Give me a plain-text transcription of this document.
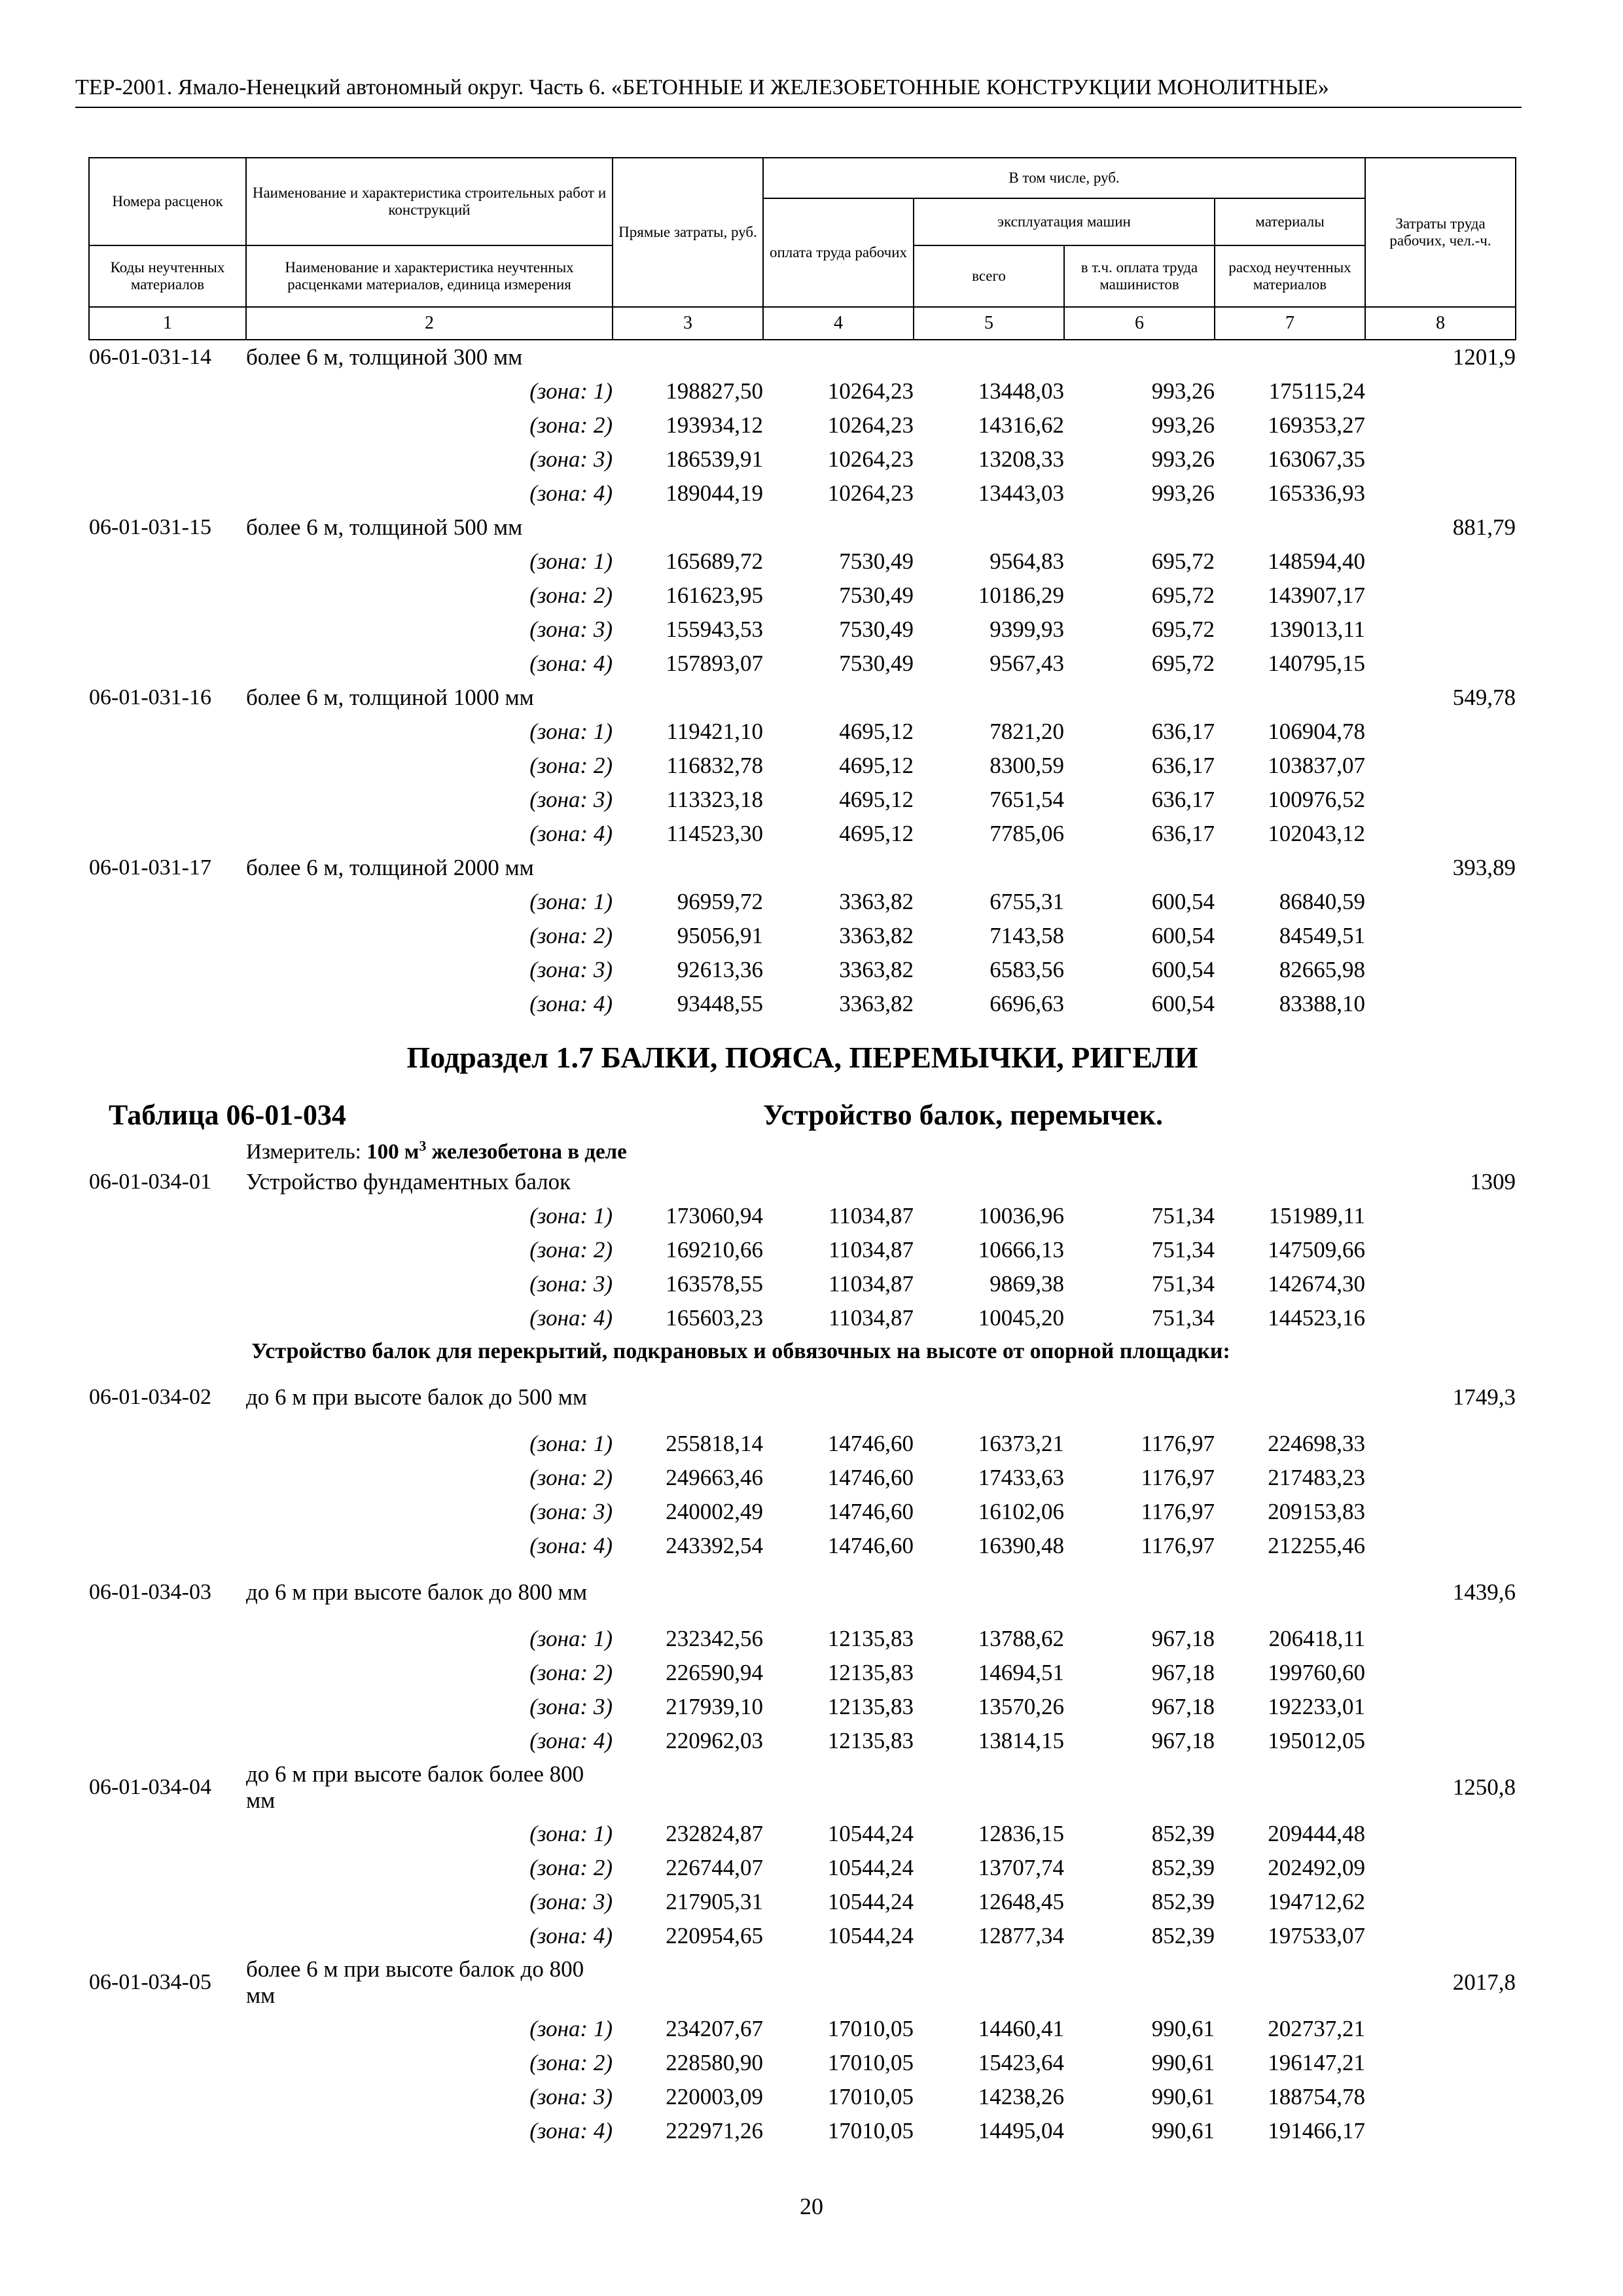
ТЕР-2001. Ямало-Ненецкий автономный округ. Часть 6. «БЕТОННЫЕ И ЖЕЛЕЗОБЕТОННЫЕ КОНСТРУКЦИИ МОНОЛИТНЫЕ»
Номера расценок	Наименование и характеристика строительных работ и конструкций	Прямые затраты, руб.	В том числе, руб.				Затраты труда рабочих, чел.-ч.
			оплата труда рабочих	эксплуатация машин		материалы	
Коды неучтенных материалов	Наименование и характеристика неучтенных расценками материалов, единица измерения			всего	в т.ч. оплата труда машинистов	расход неучтенных материалов	
1	2	3	4	5	6	7	8
06-01-031-14	более 6 м, толщиной 300 мм						1201,9
	(зона: 1)	198827,50	10264,23	13448,03	993,26	175115,24	
	(зона: 2)	193934,12	10264,23	14316,62	993,26	169353,27	
	(зона: 3)	186539,91	10264,23	13208,33	993,26	163067,35	
	(зона: 4)	189044,19	10264,23	13443,03	993,26	165336,93	
06-01-031-15	более 6 м, толщиной 500 мм						881,79
	(зона: 1)	165689,72	7530,49	9564,83	695,72	148594,40	
	(зона: 2)	161623,95	7530,49	10186,29	695,72	143907,17	
	(зона: 3)	155943,53	7530,49	9399,93	695,72	139013,11	
	(зона: 4)	157893,07	7530,49	9567,43	695,72	140795,15	
06-01-031-16	более 6 м, толщиной 1000 мм						549,78
	(зона: 1)	119421,10	4695,12	7821,20	636,17	106904,78	
	(зона: 2)	116832,78	4695,12	8300,59	636,17	103837,07	
	(зона: 3)	113323,18	4695,12	7651,54	636,17	100976,52	
	(зона: 4)	114523,30	4695,12	7785,06	636,17	102043,12	
06-01-031-17	более 6 м, толщиной 2000 мм						393,89
	(зона: 1)	96959,72	3363,82	6755,31	600,54	86840,59	
	(зона: 2)	95056,91	3363,82	7143,58	600,54	84549,51	
	(зона: 3)	92613,36	3363,82	6583,56	600,54	82665,98	
	(зона: 4)	93448,55	3363,82	6696,63	600,54	83388,10	
Подраздел 1.7 БАЛКИ, ПОЯСА, ПЕРЕМЫЧКИ, РИГЕЛИ							
Таблица 06-01-034			Устройство балок, перемычек.				
	Измеритель: 100 $м^3$ железобетона в деле						
06-01-034-01	Устройство фундаментных балок						1309
	(зона: 1)	173060,94	11034,87	10036,96	751,34	151989,11	
	(зона: 2)	169210,66	11034,87	10666,13	751,34	147509,66	
	(зона: 3)	163578,55	11034,87	9869,38	751,34	142674,30	
	(зона: 4)	165603,23	11034,87	10045,20	751,34	144523,16	
	Устройство балок для перекрытий, подкрановых и обвязочных на высоте от опорной площадки:						
06-01-034-02	до 6 м при высоте балок до 500 мм						1749,3
	(зона: 1)	255818,14	14746,60	16373,21	1176,97	224698,33	
	(зона: 2)	249663,46	14746,60	17433,63	1176,97	217483,23	
	(зона: 3)	240002,49	14746,60	16102,06	1176,97	209153,83	
	(зона: 4)	243392,54	14746,60	16390,48	1176,97	212255,46	
06-01-034-03	до 6 м при высоте балок до 800 мм						1439,6
	(зона: 1)	232342,56	12135,83	13788,62	967,18	206418,11	
	(зона: 2)	226590,94	12135,83	14694,51	967,18	199760,60	
	(зона: 3)	217939,10	12135,83	13570,26	967,18	192233,01	
	(зона: 4)	220962,03	12135,83	13814,15	967,18	195012,05	
06-01-034-04	до 6 м при высоте балок более 800 мм						1250,8
	(зона: 1)	232824,87	10544,24	12836,15	852,39	209444,48	
	(зона: 2)	226744,07	10544,24	13707,74	852,39	202492,09	
	(зона: 3)	217905,31	10544,24	12648,45	852,39	194712,62	
	(зона: 4)	220954,65	10544,24	12877,34	852,39	197533,07	
06-01-034-05	более 6 м при высоте балок до 800 мм						2017,8
	(зона: 1)	234207,67	17010,05	14460,41	990,61	202737,21	
	(зона: 2)	228580,90	17010,05	15423,64	990,61	196147,21	
	(зона: 3)	220003,09	17010,05	14238,26	990,61	188754,78	
	(зона: 4)	222971,26	17010,05	14495,04	990,61	191466,17	
20
